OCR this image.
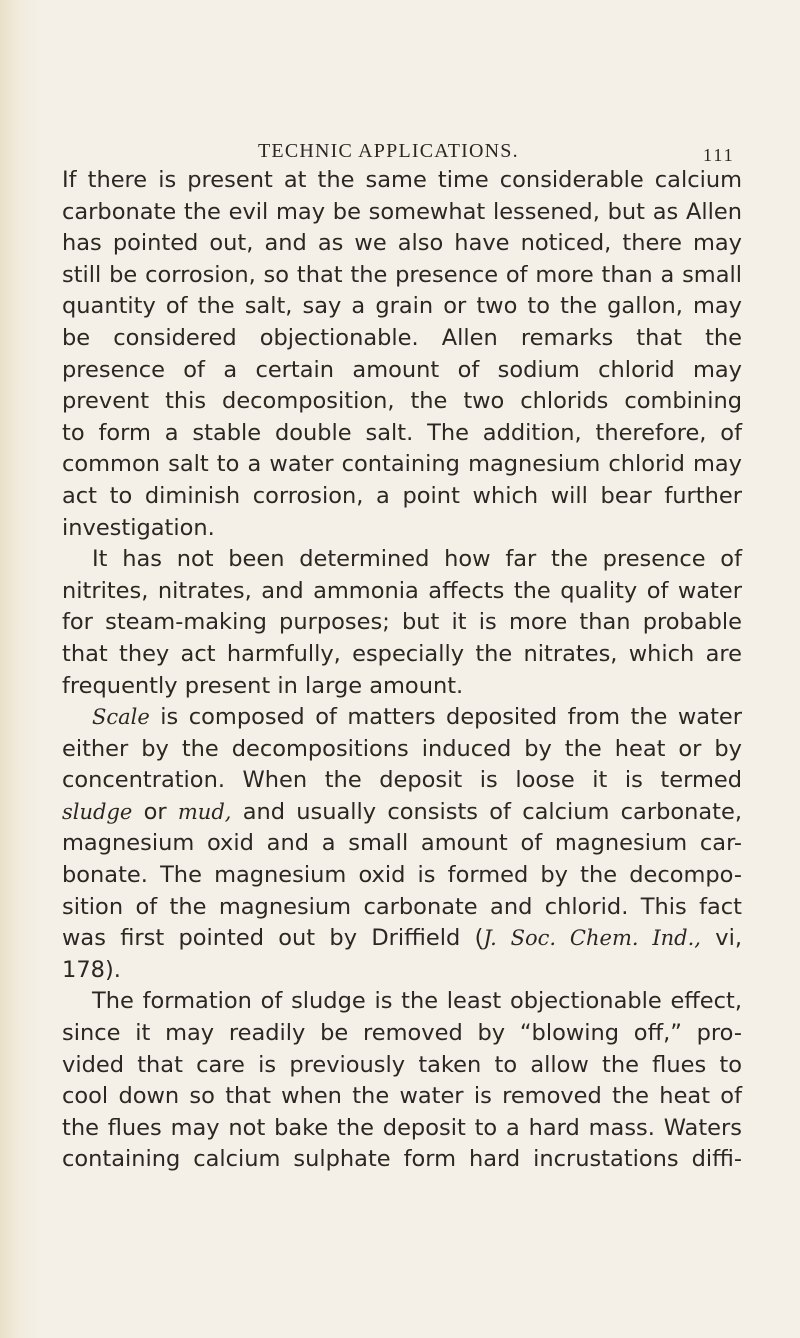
TECHNIC APPLICATIONS.	111
If there is present at the same time considerable calcium
carbonate the evil may be somewhat lessened, but as Allen
has pointed out, and as we also have noticed, there may
still be corrosion, so that the presence of more than a small
quantity of the salt, say a grain or two to the gallon, may
be considered objectionable. Allen remarks that the
presence of a certain amount of sodium chlorid may
prevent this decomposition, the two chlorids combining
to form a stable double salt. The addition, therefore, of
common salt to a water containing magnesium chlorid may
act to diminish corrosion, a point which will bear further
investigation.
It has not been determined how far the presence of
nitrites, nitrates, and ammonia affects the quality of water
for steam-making purposes; but it is more than probable
that they act harmfully, especially the nitrates, which are
frequently present in large amount.
Scale is composed of matters deposited from the water
either by the decompositions induced by the heat or by
concentration. When the deposit is loose it is termed
sludge or mud, and usually consists of calcium carbonate,
magnesium oxid and a small amount of magnesium car-
bonate. The magnesium oxid is formed by the decompo-
sition of the magnesium carbonate and chlorid. This fact
was first pointed out by Driffield (J. Soc. Chem. Ind., vi,
178).
The formation of sludge is the least objectionable effect,
since it may readily be removed by “blowing off,” pro-
vided that care is previously taken to allow the flues to
cool down so that when the water is removed the heat of
the flues may not bake the deposit to a hard mass. Waters
containing calcium sulphate form hard incrustations diffi-
